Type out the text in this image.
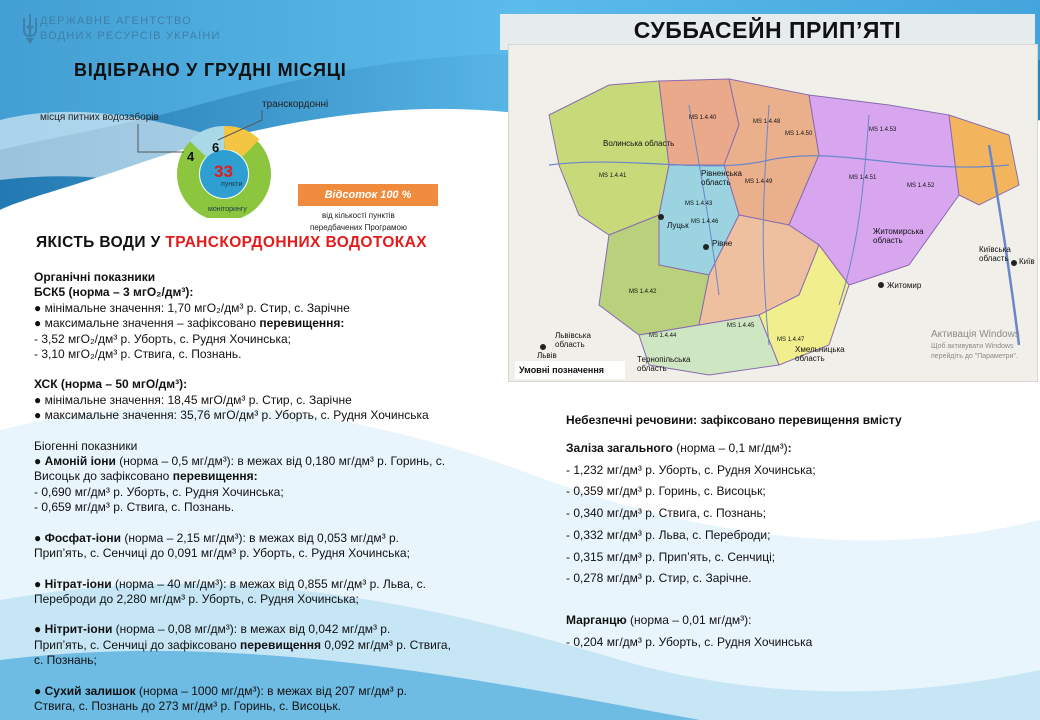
ДЕРЖАВНЕ АГЕНТСТВО
ВОДНИХ РЕСУРСІВ УКРАЇНИ
ВІДІБРАНО У ГРУДНІ МІСЯЦІ
33
пункти
моніторингу
4
6
місця питних водозаборів
транскордонні
Відсоток 100 %
від кількості пунктів
передбачених Програмою
СУББАСЕЙН ПРИП’ЯТІ
Волинська область
Рівненська область
Житомирська область
Київська область
Львівська область
Тернопільська область
Хмельницька область
Луцьк
Рівне
Житомир
Київ
Львів
MS 1.4.40
MS 1.4.41
MS 1.4.42
MS 1.4.43
MS 1.4.44
MS 1.4.45
MS 1.4.46
MS 1.4.47
MS 1.4.48
MS 1.4.49
MS 1.4.50
MS 1.4.51
MS 1.4.52
MS 1.4.53
Умовні позначення
Активація Windows
Щоб активувати Windows
перейдіть до "Параметри".
ЯКІСТЬ ВОДИ У ТРАНСКОРДОННИХ ВОДОТОКАХ

Органічні показники

БСК5 (норма – 3 мгО₂/дм³):

● мінімальне значення: 1,70 мгО₂/дм³ р. Стир, с. Зарічне

● максимальне значення – зафіксовано перевищення:

- 3,52 мгО₂/дм³ р. Уборть, с. Рудня Хочинська;

- 3,10 мгО₂/дм³ р. Ствига, с. Познань.

ХСК (норма – 50 мгО/дм³):

● мінімальне значення: 18,45 мгО/дм³ р. Стир, с. Зарічне

● максимальне значення: 35,76 мгО/дм³ р. Уборть, с. Рудня Хочинська

Біогенні показники

● Амоній іони (норма – 0,5 мг/дм³): в межах від 0,180 мг/дм³ р. Горинь, с.

Висоцьк до зафіксовано перевищення:

- 0,690 мг/дм³ р. Уборть, с. Рудня Хочинська;

- 0,659 мг/дм³ р. Ствига, с. Познань.

● Фосфат-іони (норма – 2,15 мг/дм³): в межах від 0,053 мг/дм³ р.

Прип’ять, с. Сенчиці до 0,091 мг/дм³ р. Уборть, с. Рудня Хочинська;

● Нітрат-іони (норма – 40 мг/дм³): в межах від 0,855 мг/дм³ р. Льва, с.

Переброди до 2,280 мг/дм³ р. Уборть, с. Рудня Хочинська;

● Нітрит-іони (норма – 0,08 мг/дм³): в межах від 0,042 мг/дм³ р.

Прип’ять, с. Сенчиці до зафіксовано перевищення 0,092 мг/дм³ р. Ствига,

с. Познань;

● Сухий залишок (норма – 1000 мг/дм³): в межах від 207 мг/дм³ р.

Ствига, с. Познань до 273 мг/дм³ р. Горинь, с. Висоцьк.

Небезпечні речовини: зафіксовано перевищення вмісту

Заліза загального (норма – 0,1 мг/дм³):

- 1,232 мг/дм³ р. Уборть, с. Рудня Хочинська;

- 0,359 мг/дм³ р. Горинь, с. Висоцьк;

- 0,340 мг/дм³ р. Ствига, с. Познань;

- 0,332 мг/дм³ р. Льва, с. Переброди;

- 0,315 мг/дм³ р. Прип’ять, с. Сенчиці;

- 0,278 мг/дм³ р. Стир, с. Зарічне.

Марганцю (норма – 0,01 мг/дм³):

- 0,204 мг/дм³ р. Уборть, с. Рудня Хочинська
